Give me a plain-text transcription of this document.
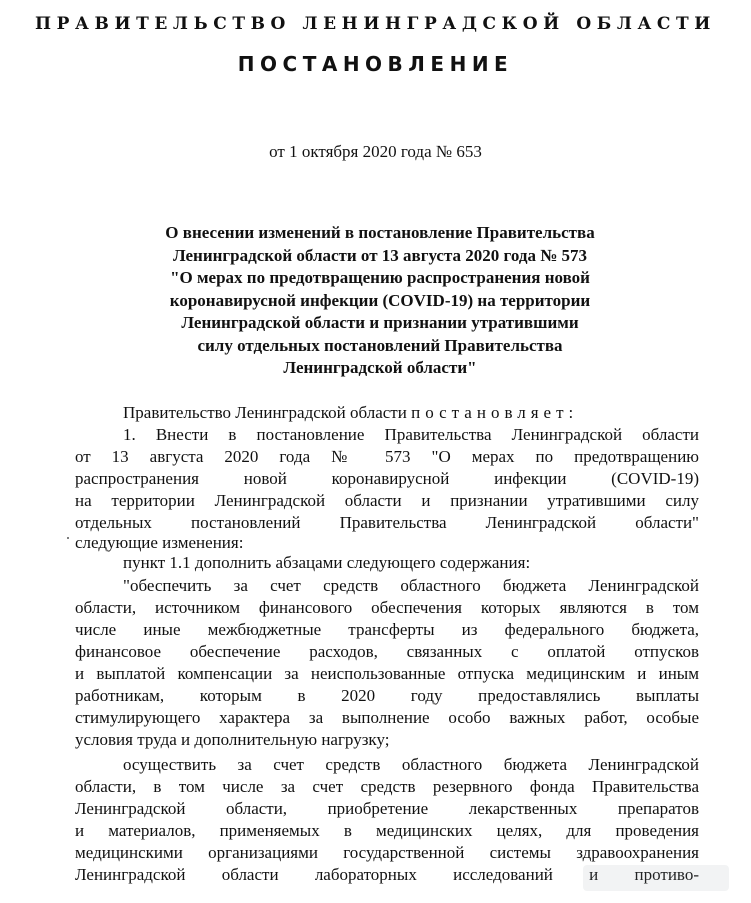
ПРАВИТЕЛЬСТВО ЛЕНИНГРАДСКОЙ ОБЛАСТИ
ПОСТАНОВЛЕНИЕ
от 1 октября 2020 года № 653
О внесении изменений в постановление Правительства
Ленинградской области от 13 августа 2020 года № 573
"О мерах по предотвращению распространения новой
коронавирусной инфекции (COVID-19) на территории
Ленинградской области и признании утратившими
силу отдельных постановлений Правительства
Ленинградской области"
Правительство Ленинградской области постановляет:
1. Внести в постановление Правительства Ленинградской области
от 13 августа 2020 года № 573 "О мерах по предотвращению
распространения новой коронавирусной инфекции (COVID-19)
на территории Ленинградской области и признании утратившими силу
отдельных постановлений Правительства Ленинградской области"
следующие изменения:
пункт 1.1 дополнить абзацами следующего содержания:
"обеспечить за счет средств областного бюджета Ленинградской
области, источником финансового обеспечения которых являются в том
числе иные межбюджетные трансферты из федерального бюджета,
финансовое обеспечение расходов, связанных с оплатой отпусков
и выплатой компенсации за неиспользованные отпуска медицинским и иным
работникам, которым в 2020 году предоставлялись выплаты
стимулирующего характера за выполнение особо важных работ, особые
условия труда и дополнительную нагрузку;
осуществить за счет средств областного бюджета Ленинградской
области, в том числе за счет средств резервного фонда Правительства
Ленинградской области, приобретение лекарственных препаратов
и материалов, применяемых в медицинских целях, для проведения
медицинскими организациями государственной системы здравоохранения
Ленинградской области лабораторных исследований и противо-
